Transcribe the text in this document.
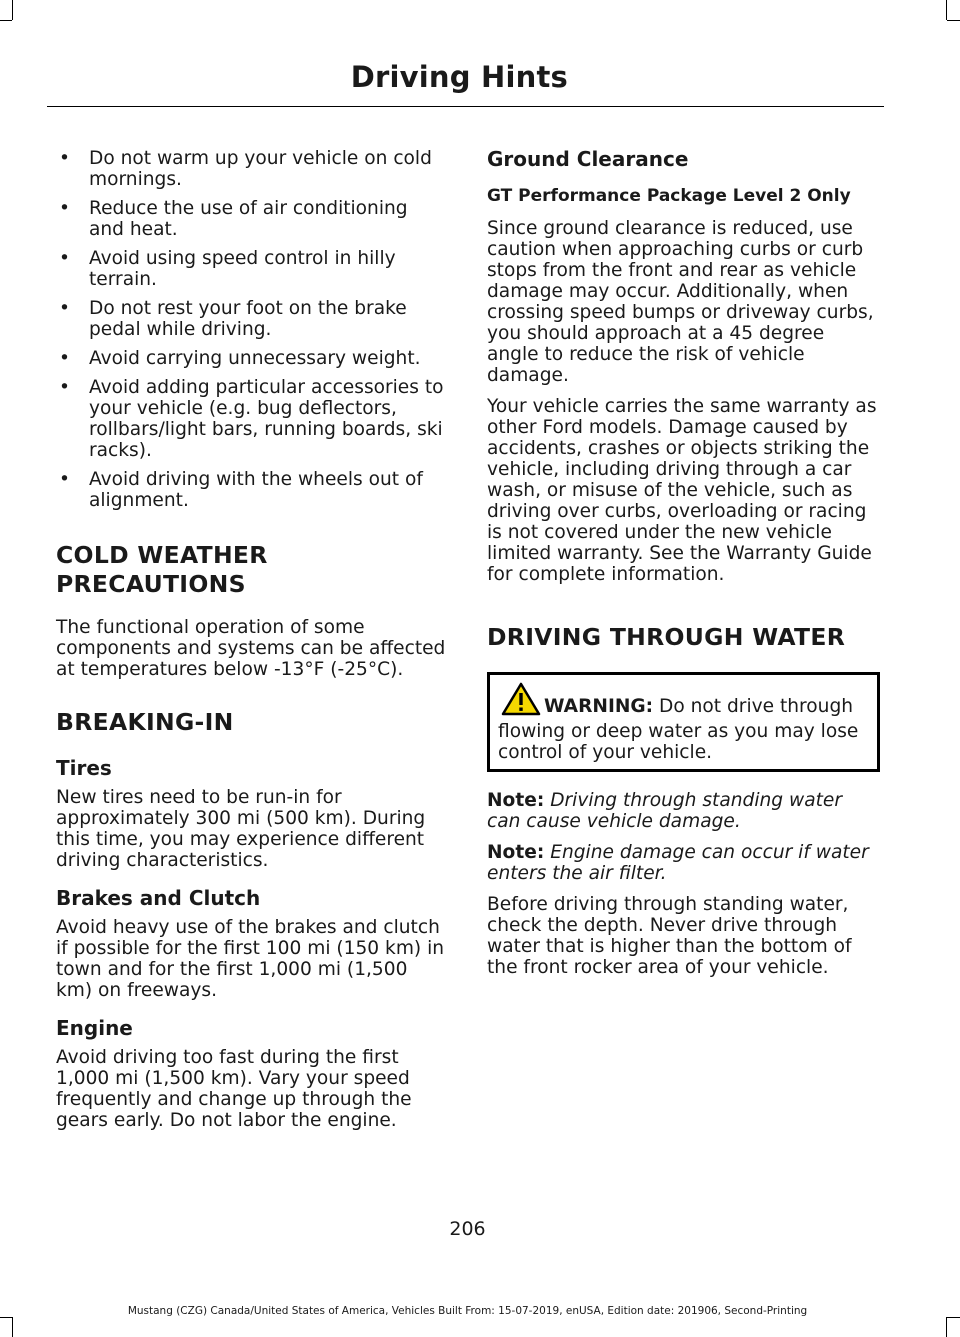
Driving Hints
• Do not warm up your vehicle on cold mornings.
• Reduce the use of air conditioning and heat.
• Avoid using speed control in hilly terrain.
• Do not rest your foot on the brake pedal while driving.
• Avoid carrying unnecessary weight.
• Avoid adding particular accessories to your vehicle (e.g. bug deflectors, rollbars/light bars, running boards, ski racks).
• Avoid driving with the wheels out of alignment.
COLD WEATHER
PRECAUTIONS

The functional operation of some components and systems can be affected at temperatures below -13°F (-25°C).

BREAKING-IN
Tires

New tires need to be run-in for approximately 300 mi (500 km). During this time, you may experience different driving characteristics.

Brakes and Clutch

Avoid heavy use of the brakes and clutch if possible for the first 100 mi (150 km) in town and for the first 1,000 mi (1,500 km) on freeways.

Engine

Avoid driving too fast during the first 1,000 mi (1,500 km). Vary your speed frequently and change up through the gears early. Do not labor the engine.

Ground Clearance
GT Performance Package Level 2 Only

Since ground clearance is reduced, use caution when approaching curbs or curb stops from the front and rear as vehicle damage may occur. Additionally, when crossing speed bumps or driveway curbs, you should approach at a 45 degree angle to reduce the risk of vehicle damage.

Your vehicle carries the same warranty as other Ford models. Damage caused by accidents, crashes or objects striking the vehicle, including driving through a car wash, or misuse of the vehicle, such as driving over curbs, overloading or racing is not covered under the new vehicle limited warranty. See the Warranty Guide for complete information.

DRIVING THROUGH WATER

WARNING: Do not drive through flowing or deep water as you may lose control of your vehicle.

Note: Driving through standing water can cause vehicle damage.

Note: Engine damage can occur if water enters the air filter.

Before driving through standing water, check the depth. Never drive through water that is higher than the bottom of the front rocker area of your vehicle.

206
Mustang (CZG) Canada/United States of America, Vehicles Built From: 15-07-2019, enUSA, Edition date: 201906, Second-Printing
